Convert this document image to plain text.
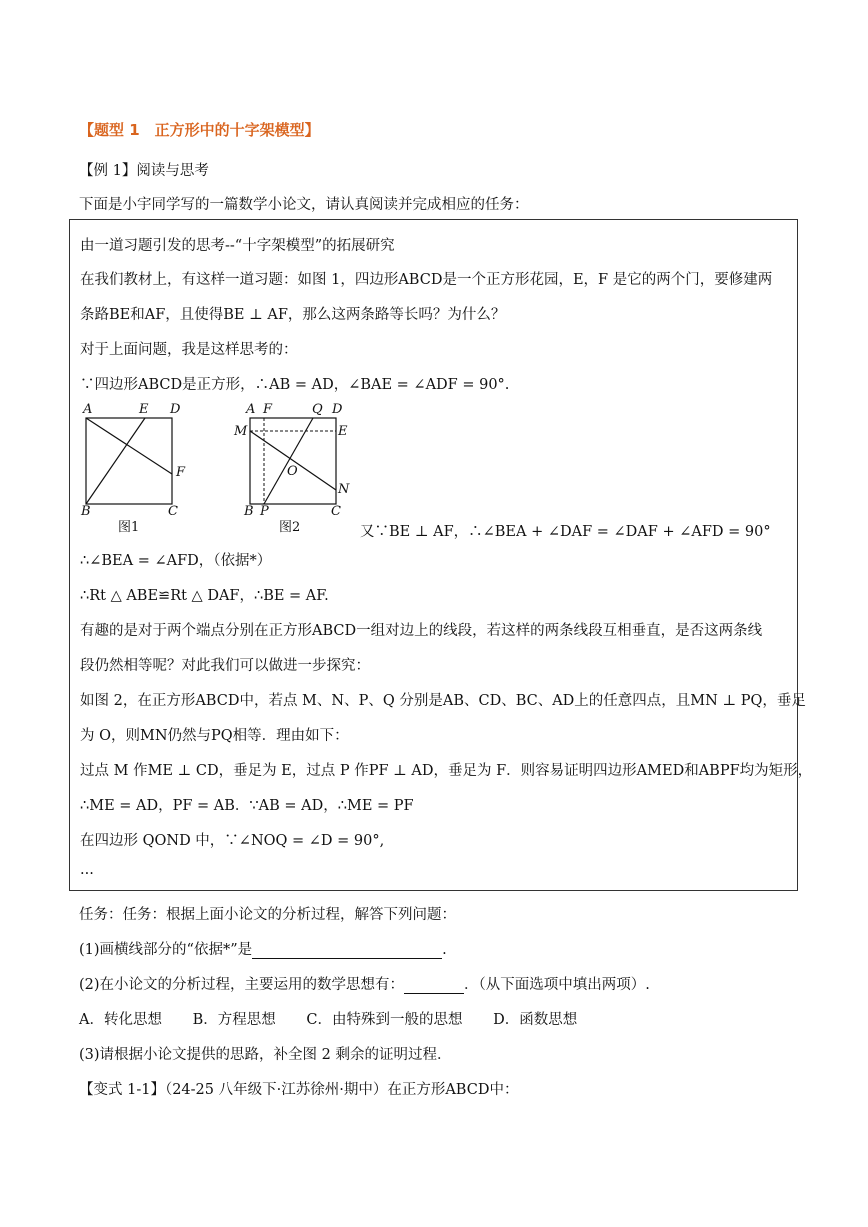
【题型 1　正方形中的十字架模型】
【例 1】阅读与思考
下面是小宇同学写的一篇数学小论文，请认真阅读并完成相应的任务：
由一道习题引发的思考--“十字架模型”的拓展研究
在我们教材上，有这样一道习题：如图 1，四边形ABCD是一个正方形花园，E，F 是它的两个门，要修建两
条路BE和AF，且使得BE ⊥ AF，那么这两条路等长吗？为什么？
对于上面问题，我是这样思考的：
∵四边形ABCD是正方形，∴AB = AD，∠BAE = ∠ADF = 90°.
A	E D
F
B	C
图1
A F	Q D
M	E
O
N
B P	C
图2	又∵BE ⊥ AF，∴∠BEA + ∠DAF = ∠DAF + ∠AFD = 90°
∴∠BEA = ∠AFD，（依据*）
∴Rt △ ABE≌Rt △ DAF，∴BE = AF.
有趣的是对于两个端点分别在正方形ABCD一组对边上的线段，若这样的两条线段互相垂直，是否这两条线
段仍然相等呢？对此我们可以做进一步探究：
如图 2，在正方形ABCD中，若点 M、N、P、Q 分别是AB、CD、BC、AD上的任意四点，且MN ⊥ PQ，垂足
为 O，则MN仍然与PQ相等．理由如下：
过点 M 作ME ⊥ CD，垂足为 E，过点 P 作PF ⊥ AD，垂足为 F．则容易证明四边形AMED和ABPF均为矩形，
∴ME = AD，PF = AB．∵AB = AD，∴ME = PF
在四边形 QOND 中，∵∠NOQ = ∠D = 90°,
...
任务：任务：根据上面小论文的分析过程，解答下列问题：
(1)画横线部分的“依据*”是	.
(2)在小论文的分析过程，主要运用的数学思想有：	．（从下面选项中填出两项）.
A．转化思想 B．方程思想 C．由特殊到一般的思想 D．函数思想
(3)请根据小论文提供的思路，补全图 2 剩余的证明过程．
【变式 1-1】（24-25 八年级下·江苏徐州·期中）在正方形ABCD中：
